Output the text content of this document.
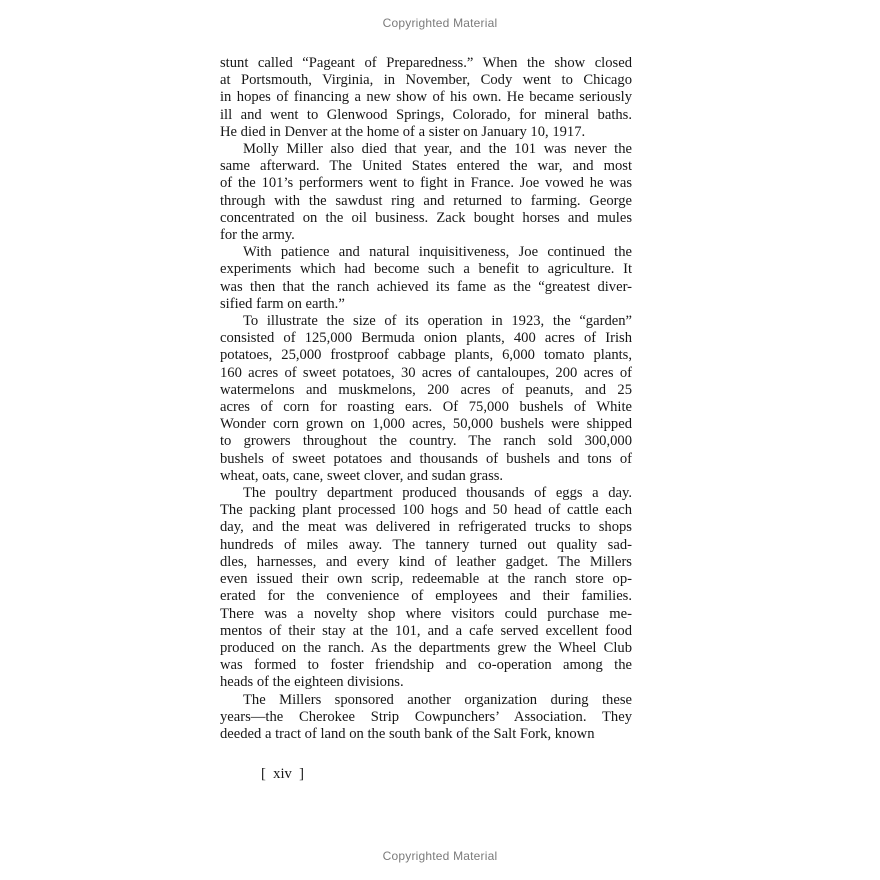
Copyrighted Material
stunt called “Pageant of Preparedness.” When the show closed
at Portsmouth, Virginia, in November, Cody went to Chicago
in hopes of financing a new show of his own. He became seriously
ill and went to Glenwood Springs, Colorado, for mineral baths.
He died in Denver at the home of a sister on January 10, 1917.
Molly Miller also died that year, and the 101 was never the
same afterward. The United States entered the war, and most
of the 101’s performers went to fight in France. Joe vowed he was
through with the sawdust ring and returned to farming. George
concentrated on the oil business. Zack bought horses and mules
for the army.
With patience and natural inquisitiveness, Joe continued the
experiments which had become such a benefit to agriculture. It
was then that the ranch achieved its fame as the “greatest diver-
sified farm on earth.”
To illustrate the size of its operation in 1923, the “garden”
consisted of 125,000 Bermuda onion plants, 400 acres of Irish
potatoes, 25,000 frostproof cabbage plants, 6,000 tomato plants,
160 acres of sweet potatoes, 30 acres of cantaloupes, 200 acres of
watermelons and muskmelons, 200 acres of peanuts, and 25
acres of corn for roasting ears. Of 75,000 bushels of White
Wonder corn grown on 1,000 acres, 50,000 bushels were shipped
to growers throughout the country. The ranch sold 300,000
bushels of sweet potatoes and thousands of bushels and tons of
wheat, oats, cane, sweet clover, and sudan grass.
The poultry department produced thousands of eggs a day.
The packing plant processed 100 hogs and 50 head of cattle each
day, and the meat was delivered in refrigerated trucks to shops
hundreds of miles away. The tannery turned out quality sad-
dles, harnesses, and every kind of leather gadget. The Millers
even issued their own scrip, redeemable at the ranch store op-
erated for the convenience of employees and their families.
There was a novelty shop where visitors could purchase me-
mentos of their stay at the 101, and a cafe served excellent food
produced on the ranch. As the departments grew the Wheel Club
was formed to foster friendship and co-operation among the
heads of the eighteen divisions.
The Millers sponsored another organization during these
years—the Cherokee Strip Cowpunchers’ Association. They
deeded a tract of land on the south bank of the Salt Fork, known
[  xiv  ]
Copyrighted Material
